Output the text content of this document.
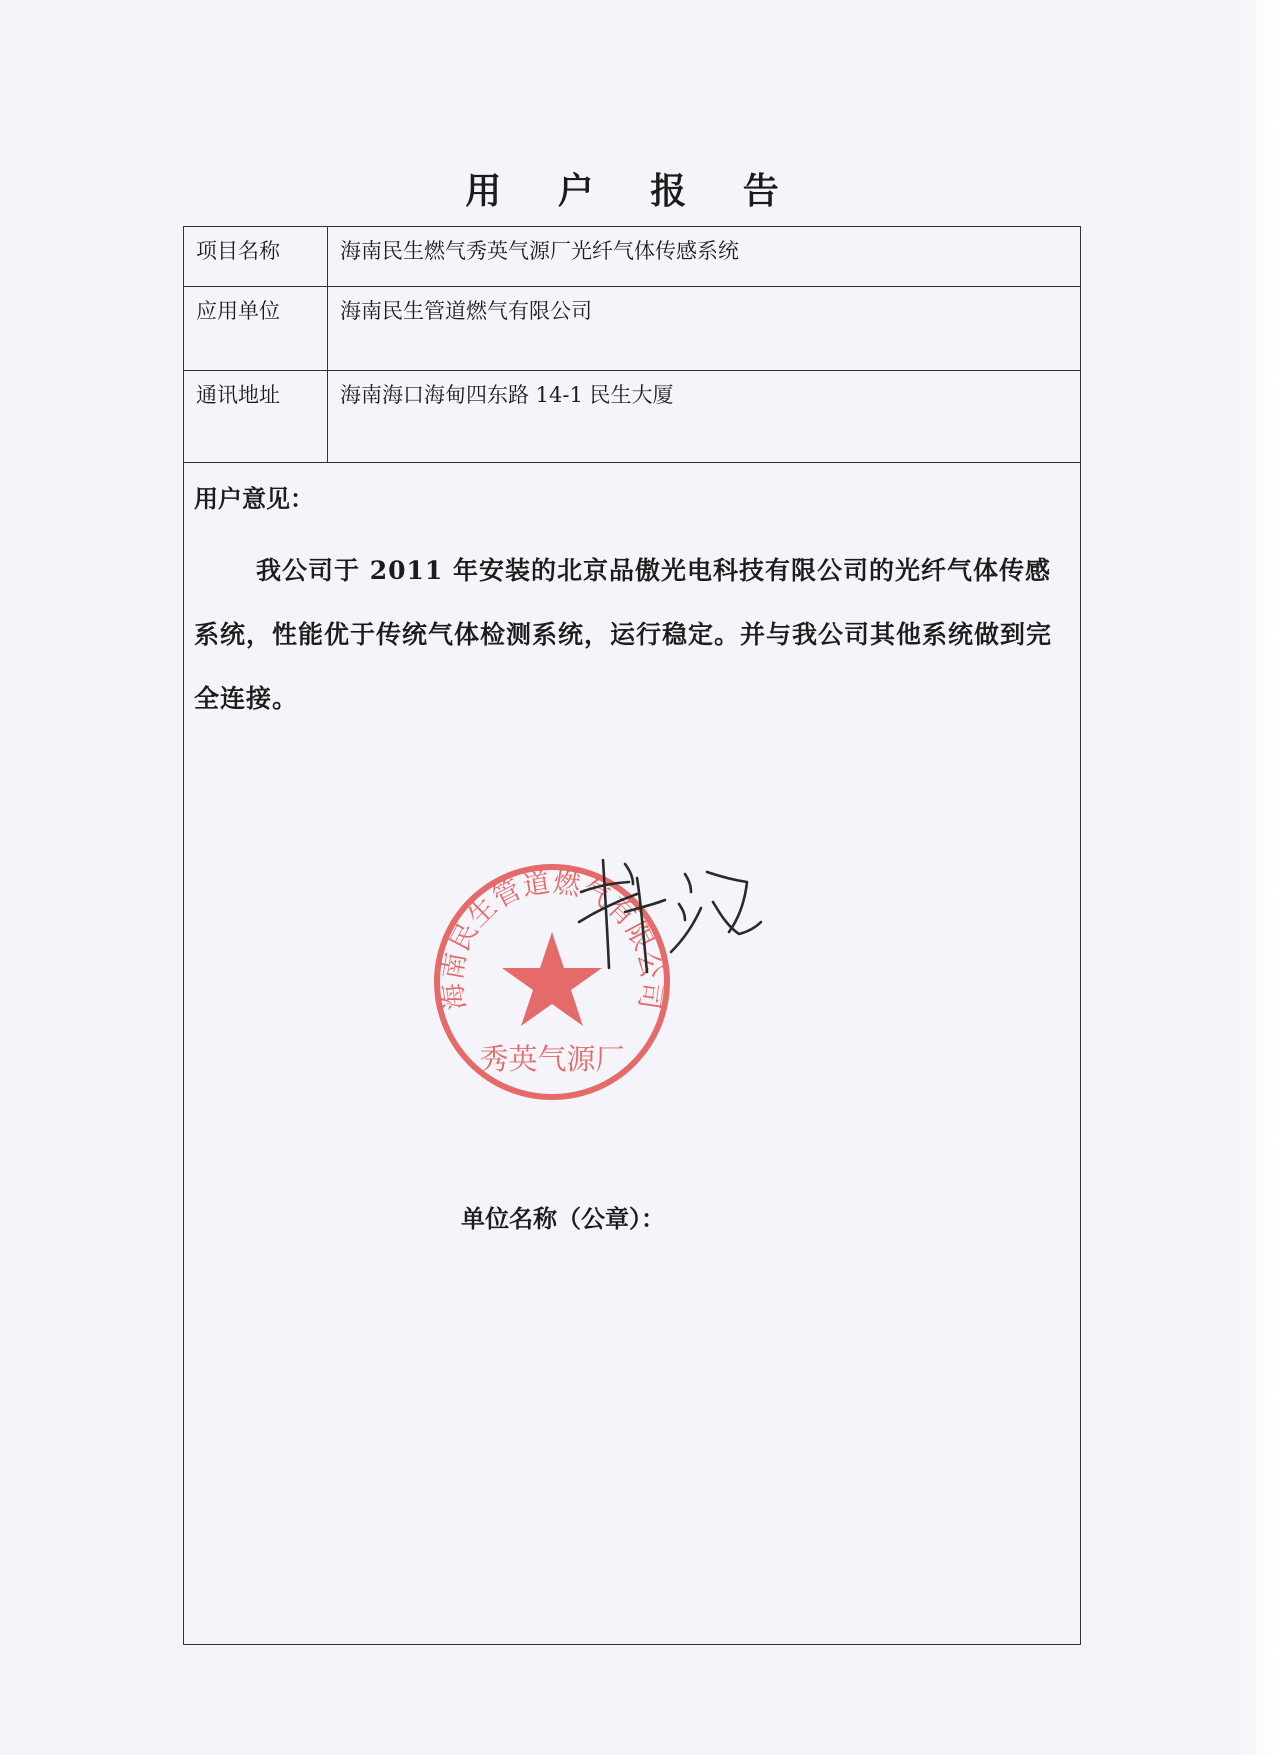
用 户 报 告
项目名称	海南民生燃气秀英气源厂光纤气体传感系统
应用单位	海南民生管道燃气有限公司
通讯地址	海南海口海甸四东路 14-1 民生大厦
用户意见：
我公司于 2011 年安装的北京品傲光电科技有限公司的光纤气体传感系统，性能优于传统气体检测系统，运行稳定。并与我公司其他系统做到完全连接。
单位名称（公章）：
海南民生管道燃气有限公司
秀英气源厂
